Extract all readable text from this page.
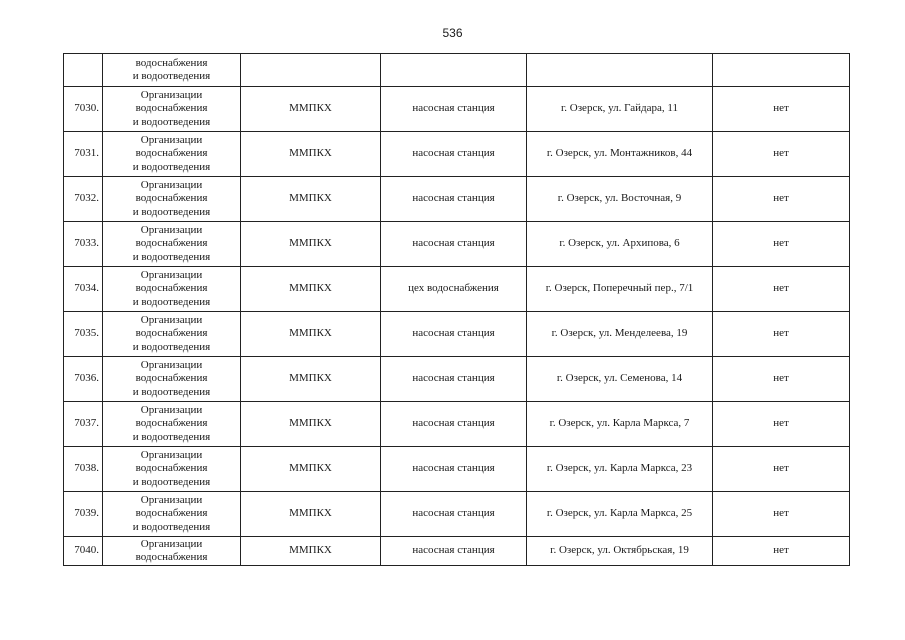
536

	водоснабжения
и водоотведения				

7030.	Организации
водоснабжения
и водоотведения	ММПКХ	насосная станция	г. Озерск, ул. Гайдара, 11	нет
7031.	Организации
водоснабжения
и водоотведения	ММПКХ	насосная станция	г. Озерск, ул. Монтажников, 44	нет
7032.	Организации
водоснабжения
и водоотведения	ММПКХ	насосная станция	г. Озерск, ул. Восточная, 9	нет
7033.	Организации
водоснабжения
и водоотведения	ММПКХ	насосная станция	г. Озерск, ул. Архипова, 6	нет
7034.	Организации
водоснабжения
и водоотведения	ММПКХ	цех водоснабжения	г. Озерск, Поперечный пер., 7/1	нет
7035.	Организации
водоснабжения
и водоотведения	ММПКХ	насосная станция	г. Озерск, ул. Менделеева, 19	нет
7036.	Организации
водоснабжения
и водоотведения	ММПКХ	насосная станция	г. Озерск, ул. Семенова, 14	нет
7037.	Организации
водоснабжения
и водоотведения	ММПКХ	насосная станция	г. Озерск, ул. Карла Маркса, 7	нет
7038.	Организации
водоснабжения
и водоотведения	ММПКХ	насосная станция	г. Озерск, ул. Карла Маркса, 23	нет
7039.	Организации
водоснабжения
и водоотведения	ММПКХ	насосная станция	г. Озерск, ул. Карла Маркса, 25	нет
7040.	Организации
водоснабжения	ММПКХ	насосная станция	г. Озерск, ул. Октябрьская, 19	нет
